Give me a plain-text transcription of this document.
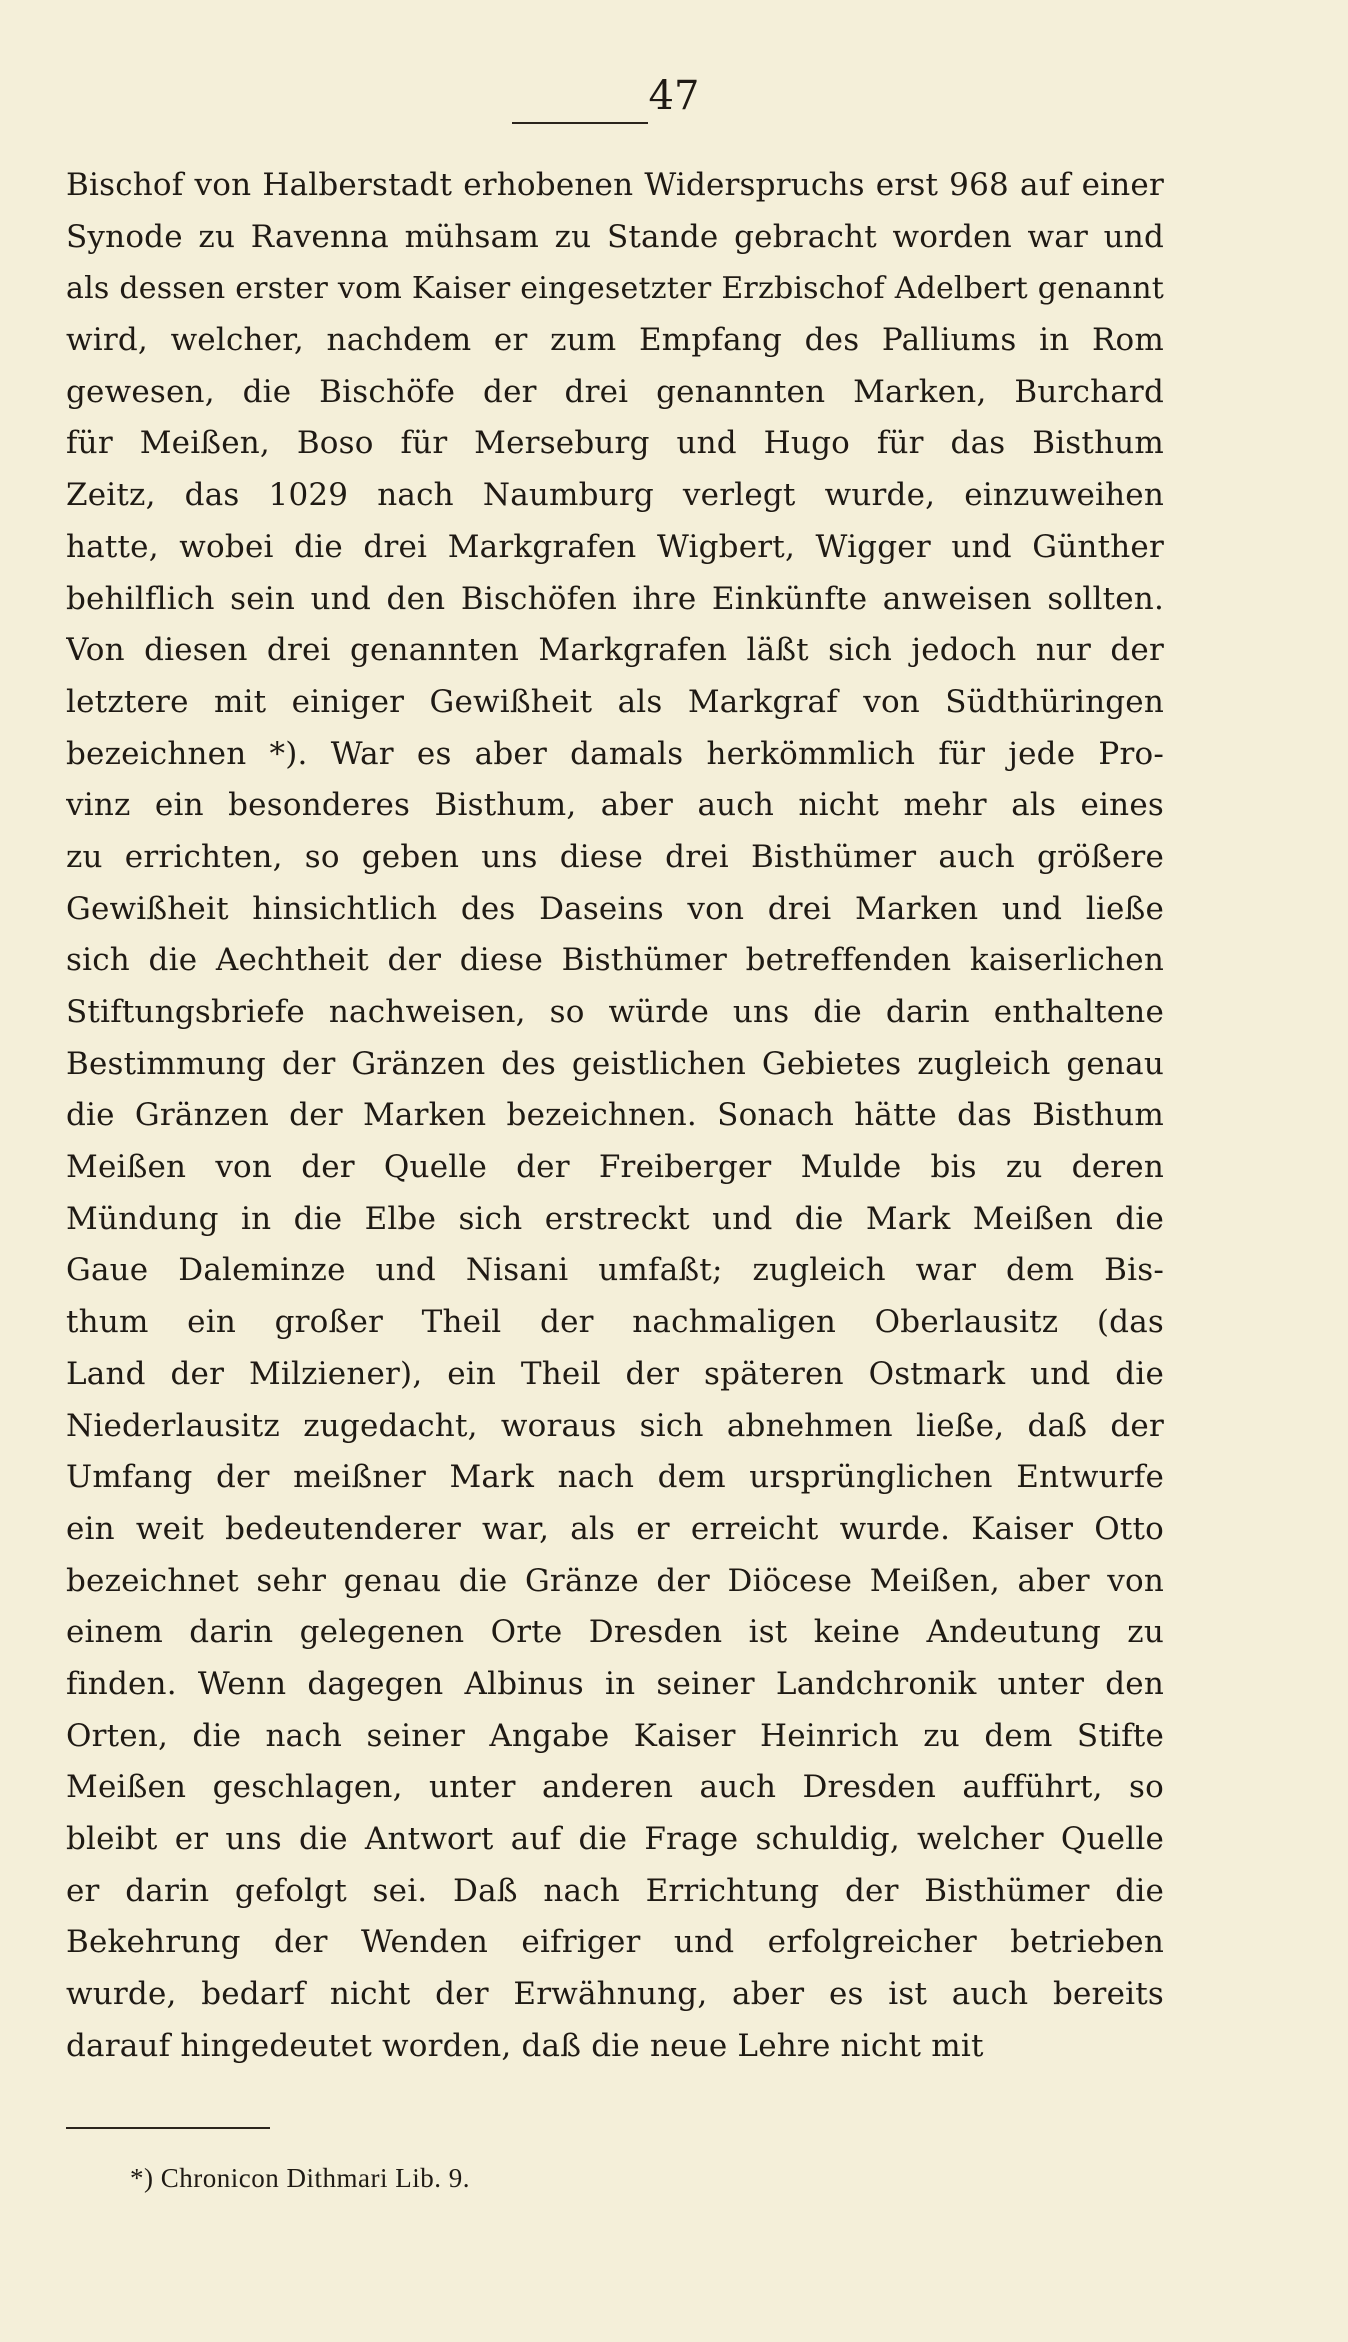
47
Bischof von Halberstadt erhobenen Widerspruchs erst 968 auf einer
Synode zu Ravenna mühsam zu Stande gebracht worden war und
als dessen erster vom Kaiser eingesetzter Erzbischof Adelbert genannt
wird, welcher, nachdem er zum Empfang des Palliums in Rom
gewesen, die Bischöfe der drei genannten Marken, Burchard
für Meißen, Boso für Merseburg und Hugo für das Bisthum
Zeitz, das 1029 nach Naumburg verlegt wurde, einzuweihen
hatte, wobei die drei Markgrafen Wigbert, Wigger und Günther
behilflich sein und den Bischöfen ihre Einkünfte anweisen sollten.
Von diesen drei genannten Markgrafen läßt sich jedoch nur der
letztere mit einiger Gewißheit als Markgraf von Südthüringen
bezeichnen *). War es aber damals herkömmlich für jede Pro-
vinz ein besonderes Bisthum, aber auch nicht mehr als eines
zu errichten, so geben uns diese drei Bisthümer auch größere
Gewißheit hinsichtlich des Daseins von drei Marken und ließe
sich die Aechtheit der diese Bisthümer betreffenden kaiserlichen
Stiftungsbriefe nachweisen, so würde uns die darin enthaltene
Bestimmung der Gränzen des geistlichen Gebietes zugleich genau
die Gränzen der Marken bezeichnen. Sonach hätte das Bisthum
Meißen von der Quelle der Freiberger Mulde bis zu deren
Mündung in die Elbe sich erstreckt und die Mark Meißen die
Gaue Daleminze und Nisani umfaßt; zugleich war dem Bis-
thum ein großer Theil der nachmaligen Oberlausitz (das
Land der Milziener), ein Theil der späteren Ostmark und die
Niederlausitz zugedacht, woraus sich abnehmen ließe, daß der
Umfang der meißner Mark nach dem ursprünglichen Entwurfe
ein weit bedeutenderer war, als er erreicht wurde. Kaiser Otto
bezeichnet sehr genau die Gränze der Diöcese Meißen, aber von
einem darin gelegenen Orte Dresden ist keine Andeutung zu
finden. Wenn dagegen Albinus in seiner Landchronik unter den
Orten, die nach seiner Angabe Kaiser Heinrich zu dem Stifte
Meißen geschlagen, unter anderen auch Dresden aufführt, so
bleibt er uns die Antwort auf die Frage schuldig, welcher Quelle
er darin gefolgt sei. Daß nach Errichtung der Bisthümer die
Bekehrung der Wenden eifriger und erfolgreicher betrieben
wurde, bedarf nicht der Erwähnung, aber es ist auch bereits
darauf hingedeutet worden, daß die neue Lehre nicht mit
*) Chronicon Dithmari Lib. 9.
